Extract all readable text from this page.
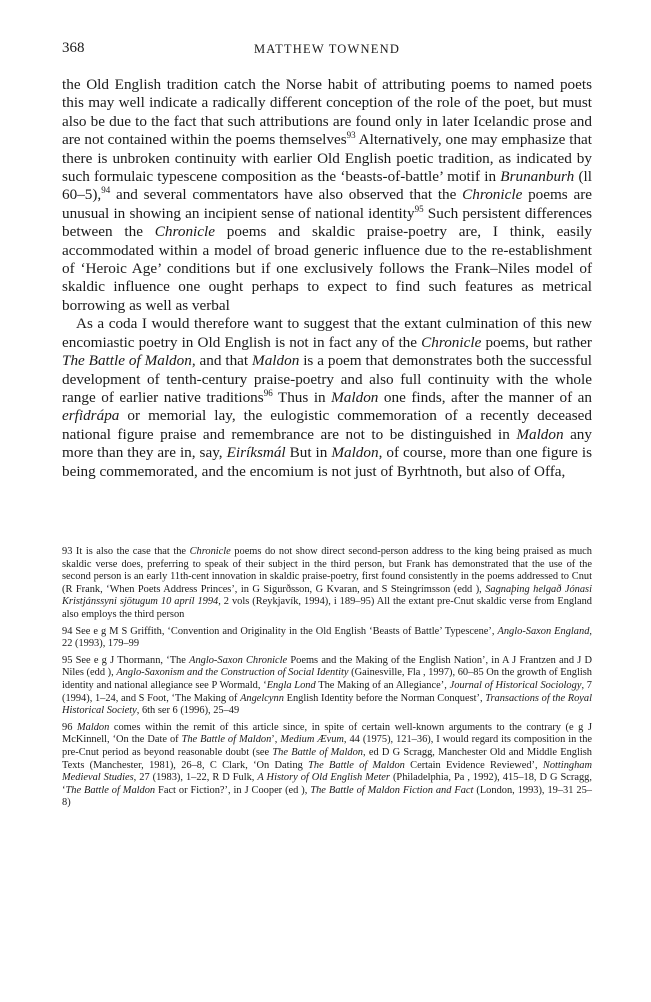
368	MATTHEW TOWNEND

the Old English tradition catch the Norse habit of attributing poems to named poets this may well indicate a radically different conception of the role of the poet, but must also be due to the fact that such attributions are found only in later Icelandic prose and are not contained within the poems themselves$^{93}$ Alternatively, one may emphasize that there is unbroken continuity with earlier Old English poetic tradition, as indicated by such formulaic typescene composition as the ‘beasts-of-battle’ motif in Brunanburh (ll 60–5),$^{94}$ and several commentators have also observed that the Chronicle poems are unusual in showing an incipient sense of national identity$^{95}$ Such persistent differences between the Chronicle poems and skaldic praise-poetry are, I think, easily accommodated within a model of broad generic influence due to the re-establishment of ‘Heroic Age’ conditions but if one exclusively follows the Frank–Niles model of skaldic influence one ought perhaps to expect to find such features as metrical borrowing as well as verbal

As a coda I would therefore want to suggest that the extant culmination of this new encomiastic poetry in Old English is not in fact any of the Chronicle poems, but rather The Battle of Maldon, and that Maldon is a poem that demonstrates both the successful development of tenth-century praise-poetry and also full continuity with the whole range of earlier native traditions$^{96}$ Thus in Maldon one finds, after the manner of an erfidrápa or memorial lay, the eulogistic commemoration of a recently deceased national figure praise and remembrance are not to be distinguished in Maldon any more than they are in, say, Eiríksmál But in Maldon, of course, more than one figure is being commemorated, and the encomium is not just of Byrhtnoth, but also of Offa,

93 It is also the case that the Chronicle poems do not show direct second-person address to the king being praised as much skaldic verse does, preferring to speak of their subject in the third person, but Frank has demonstrated that the use of the second person is an early 11th-cent innovation in skaldic praise-poetry, first found consistently in the poems addressed to Cnut (R Frank, ‘When Poets Address Princes’, in G Sigurðsson, G Kvaran, and S Steingrímsson (edd ), Sagnaþing helgað Jónasi Kristjánssyni sjötugum 10 apríl 1994, 2 vols (Reykjavík, 1994), i 189–95) All the extant pre-Cnut skaldic verse from England also employs the third person

94 See e g M S Griffith, ‘Convention and Originality in the Old English ‘Beasts of Battle’ Typescene’, Anglo-Saxon England, 22 (1993), 179–99

95 See e g J Thormann, ‘The Anglo-Saxon Chronicle Poems and the Making of the English Nation’, in A J Frantzen and J D Niles (edd ), Anglo-Saxonism and the Construction of Social Identity (Gainesville, Fla , 1997), 60–85 On the growth of English identity and national allegiance see P Wormald, ‘Engla Lond The Making of an Allegiance’, Journal of Historical Sociology, 7 (1994), 1–24, and S Foot, ‘The Making of Angelcynn English Identity before the Norman Conquest’, Transactions of the Royal Historical Society, 6th ser 6 (1996), 25–49

96 Maldon comes within the remit of this article since, in spite of certain well-known arguments to the contrary (e g J McKinnell, ‘On the Date of The Battle of Maldon’, Medium Ævum, 44 (1975), 121–36), I would regard its composition in the pre-Cnut period as beyond reasonable doubt (see The Battle of Maldon, ed D G Scragg, Manchester Old and Middle English Texts (Manchester, 1981), 26–8, C Clark, ‘On Dating The Battle of Maldon Certain Evidence Reviewed’, Nottingham Medieval Studies, 27 (1983), 1–22, R D Fulk, A History of Old English Meter (Philadelphia, Pa , 1992), 415–18, D G Scragg, ‘The Battle of Maldon Fact or Fiction?’, in J Cooper (ed ), The Battle of Maldon Fiction and Fact (London, 1993), 19–31 25–8)
